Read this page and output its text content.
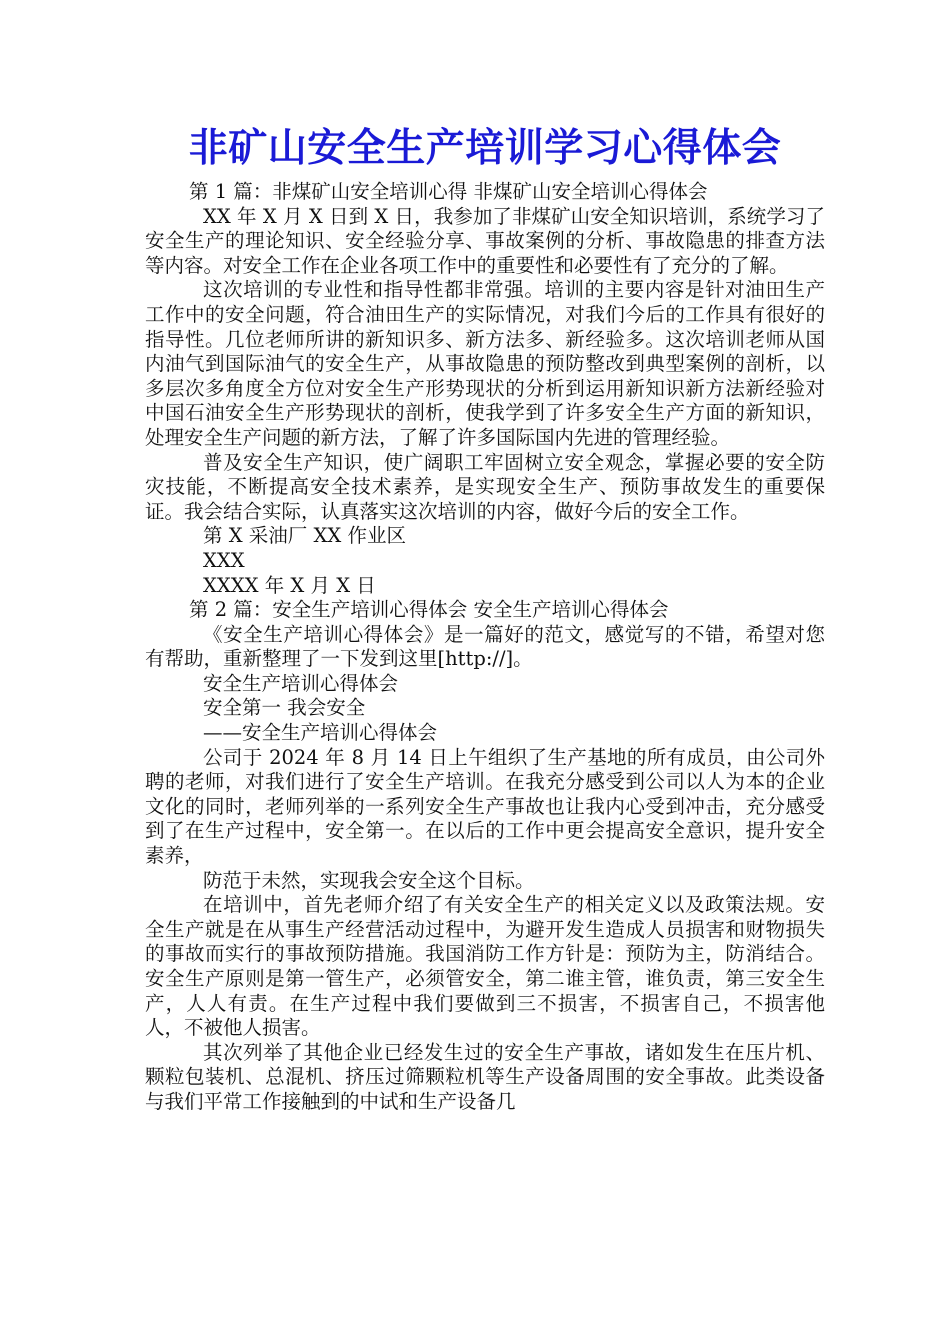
非矿山安全生产培训学习心得体会

第 1 篇：非煤矿山安全培训心得 非煤矿山安全培训心得体会

XX 年 X 月 X 日到 X 日，我参加了非煤矿山安全知识培训，系统学习了安全生产的理论知识、安全经验分享、事故案例的分析、事故隐患的排查方法等内容。对安全工作在企业各项工作中的重要性和必要性有了充分的了解。

这次培训的专业性和指导性都非常强。培训的主要内容是针对油田生产工作中的安全问题，符合油田生产的实际情况，对我们今后的工作具有很好的指导性。几位老师所讲的新知识多、新方法多、新经验多。这次培训老师从国内油气到国际油气的安全生产，从事故隐患的预防整改到典型案例的剖析，以多层次多角度全方位对安全生产形势现状的分析到运用新知识新方法新经验对中国石油安全生产形势现状的剖析，使我学到了许多安全生产方面的新知识，处理安全生产问题的新方法，了解了许多国际国内先进的管理经验。

普及安全生产知识，使广阔职工牢固树立安全观念，掌握必要的安全防灾技能，不断提高安全技术素养，是实现安全生产、预防事故发生的重要保证。我会结合实际，认真落实这次培训的内容，做好今后的安全工作。

第 X 采油厂 XX 作业区

XXX

XXXX 年 X 月 X 日

第 2 篇：安全生产培训心得体会 安全生产培训心得体会

《安全生产培训心得体会》是一篇好的范文，感觉写的不错，希望对您有帮助，重新整理了一下发到这里[http://]。

安全生产培训心得体会

安全第一 我会安全

——安全生产培训心得体会

公司于 2024 年 8 月 14 日上午组织了生产基地的所有成员，由公司外聘的老师，对我们进行了安全生产培训。在我充分感受到公司以人为本的企业文化的同时，老师列举的一系列安全生产事故也让我内心受到冲击，充分感受到了在生产过程中，安全第一。在以后的工作中更会提高安全意识，提升安全素养，

防范于未然，实现我会安全这个目标。

在培训中，首先老师介绍了有关安全生产的相关定义以及政策法规。安全生产就是在从事生产经营活动过程中，为避开发生造成人员损害和财物损失的事故而实行的事故预防措施。我国消防工作方针是：预防为主，防消结合。安全生产原则是第一管生产，必须管安全，第二谁主管，谁负责，第三安全生产，人人有责。在生产过程中我们要做到三不损害，不损害自己，不损害他人，不被他人损害。

其次列举了其他企业已经发生过的安全生产事故，诸如发生在压片机、颗粒包装机、总混机、挤压过筛颗粒机等生产设备周围的安全事故。此类设备与我们平常工作接触到的中试和生产设备几
